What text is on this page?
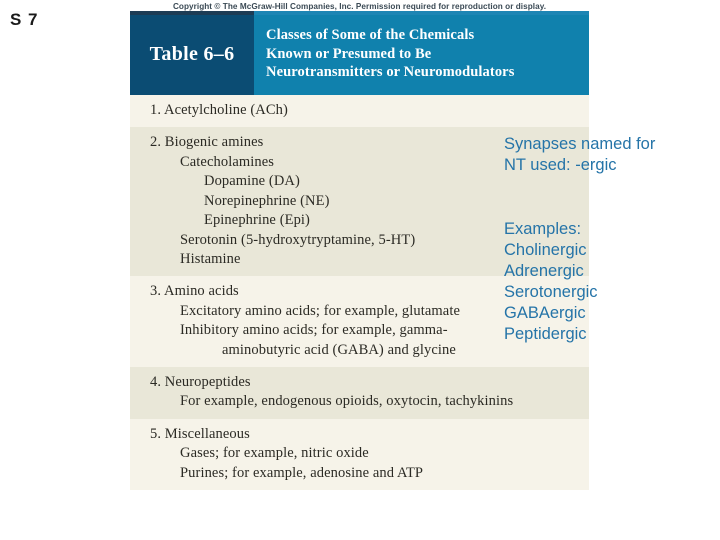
S 7
Copyright © The McGraw-Hill Companies, Inc. Permission required for reproduction or display.
Table 6–6
Classes of Some of the Chemicals
Known or Presumed to Be
Neurotransmitters or Neuromodulators
1. Acetylcholine (ACh)
2. Biogenic amines
Catecholamines
Dopamine (DA)
Norepinephrine (NE)
Epinephrine (Epi)
Serotonin (5-hydroxytryptamine, 5-HT)
Histamine
3. Amino acids
Excitatory amino acids; for example, glutamate
Inhibitory amino acids; for example, gamma-
aminobutyric acid (GABA) and glycine
4. Neuropeptides
For example, endogenous opioids, oxytocin, tachykinins
5. Miscellaneous
Gases; for example, nitric oxide
Purines; for example, adenosine and ATP
Synapses named for
NT used: -ergic
Examples:
Cholinergic
Adrenergic
Serotonergic
GABAergic
Peptidergic
